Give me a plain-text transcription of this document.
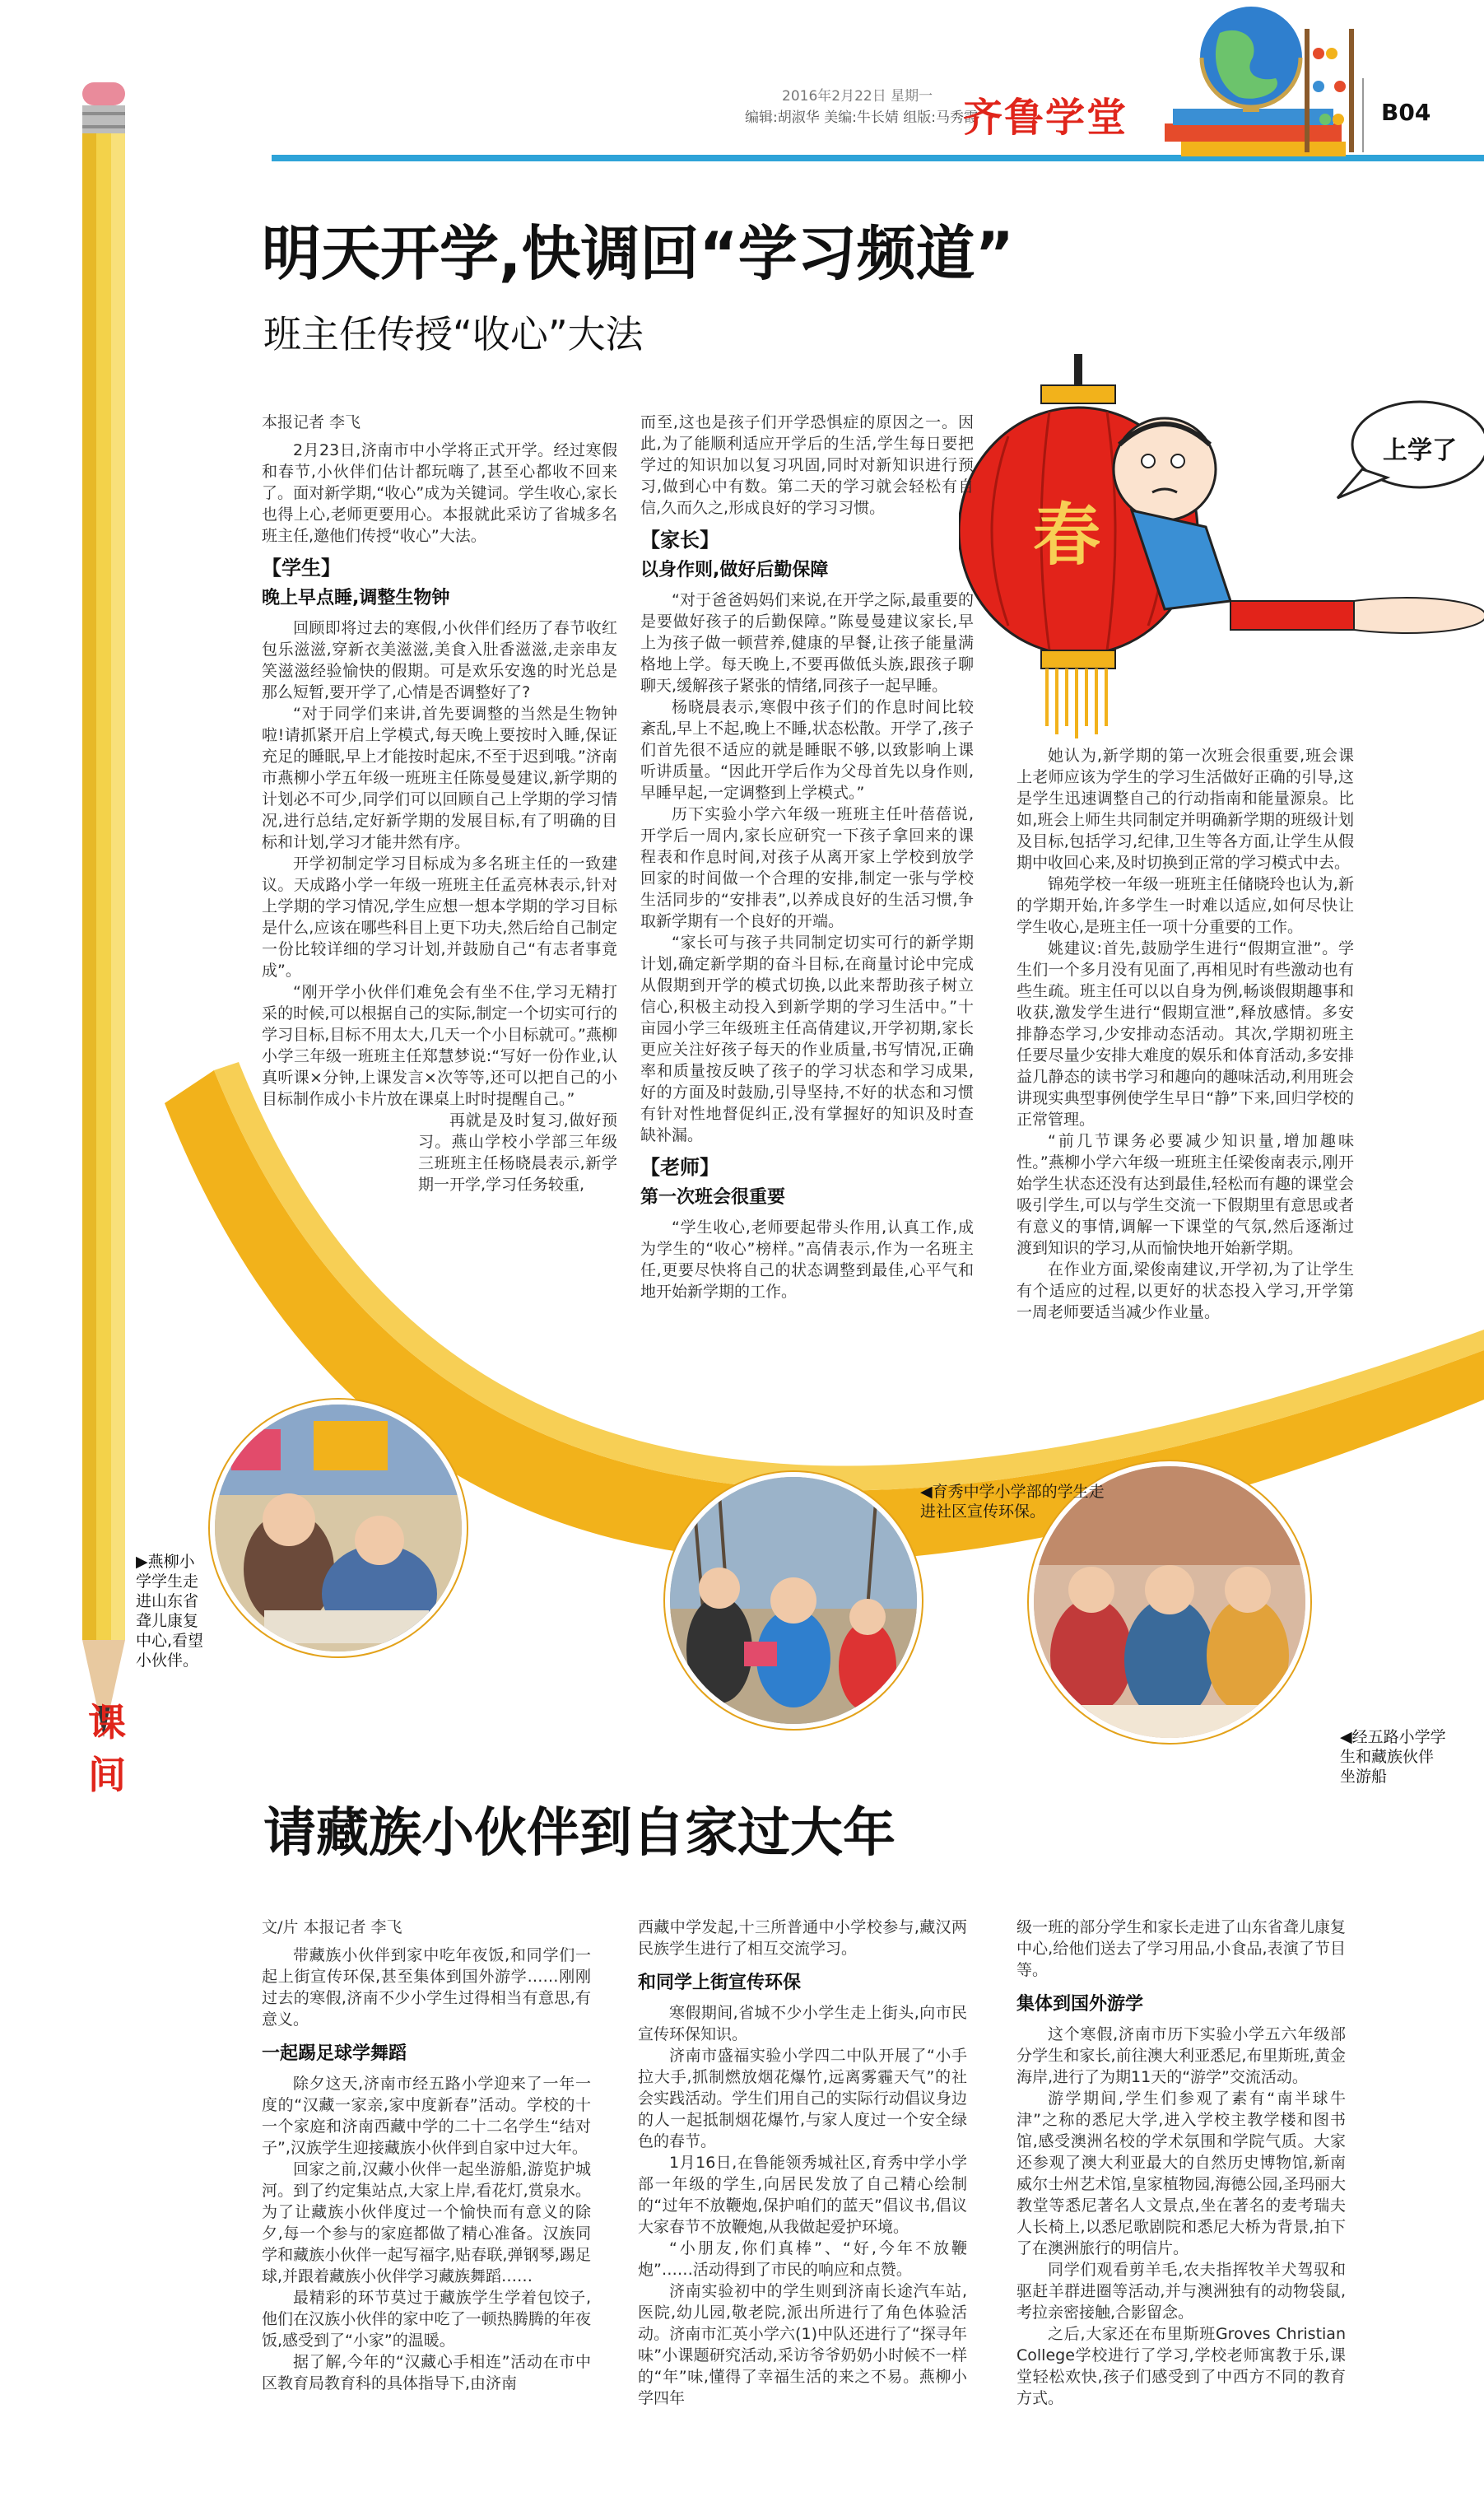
2016年2月22日 星期一
编辑:胡淑华 美编:牛长婧 组版:马秀霞
齐鲁学堂	B04
课间
明天开学,快调回“学习频道”
班主任传授“收心”大法
春
上学了
本报记者 李飞

2月23日,济南市中小学将正式开学。经过寒假和春节,小伙伴们估计都玩嗨了,甚至心都收不回来了。面对新学期,“收心”成为关键词。学生收心,家长也得上心,老师更要用心。本报就此采访了省城多名班主任,邀他们传授“收心”大法。

【学生】
晚上早点睡,调整生物钟

回顾即将过去的寒假,小伙伴们经历了春节收红包乐滋滋,穿新衣美滋滋,美食入肚香滋滋,走亲串友笑滋滋经验愉快的假期。可是欢乐安逸的时光总是那么短暂,要开学了,心情是否调整好了?

“对于同学们来讲,首先要调整的当然是生物钟啦!请抓紧开启上学模式,每天晚上要按时入睡,保证充足的睡眠,早上才能按时起床,不至于迟到哦。”济南市燕柳小学五年级一班班主任陈曼曼建议,新学期的计划必不可少,同学们可以回顾自己上学期的学习情况,进行总结,定好新学期的发展目标,有了明确的目标和计划,学习才能井然有序。

开学初制定学习目标成为多名班主任的一致建议。天成路小学一年级一班班主任孟亮林表示,针对上学期的学习情况,学生应想一想本学期的学习目标是什么,应该在哪些科目上更下功夫,然后给自己制定一份比较详细的学习计划,并鼓励自己“有志者事竟成”。

“刚开学小伙伴们难免会有坐不住,学习无精打采的时候,可以根据自己的实际,制定一个切实可行的学习目标,目标不用太大,几天一个小目标就可。”燕柳小学三年级一班班主任郑慧梦说:“写好一份作业,认真听课×分钟,上课发言×次等等,还可以把自己的小目标制作成小卡片放在课桌上时时提醒自己。”

再就是及时复习,做好预习。燕山学校小学部三年级三班班主任杨晓晨表示,新学期一开学,学习任务较重,

而至,这也是孩子们开学恐惧症的原因之一。因此,为了能顺利适应开学后的生活,学生每日要把学过的知识加以复习巩固,同时对新知识进行预习,做到心中有数。第二天的学习就会轻松有自信,久而久之,形成良好的学习习惯。

【家长】
以身作则,做好后勤保障

“对于爸爸妈妈们来说,在开学之际,最重要的是要做好孩子的后勤保障。”陈曼曼建议家长,早上为孩子做一顿营养,健康的早餐,让孩子能量满格地上学。每天晚上,不要再做低头族,跟孩子聊聊天,缓解孩子紧张的情绪,同孩子一起早睡。

杨晓晨表示,寒假中孩子们的作息时间比较紊乱,早上不起,晚上不睡,状态松散。开学了,孩子们首先很不适应的就是睡眠不够,以致影响上课听讲质量。“因此开学后作为父母首先以身作则,早睡早起,一定调整到上学模式。”

历下实验小学六年级一班班主任叶蓓蓓说,开学后一周内,家长应研究一下孩子拿回来的课程表和作息时间,对孩子从离开家上学校到放学回家的时间做一个合理的安排,制定一张与学校生活同步的“安排表”,以养成良好的生活习惯,争取新学期有一个良好的开端。

“家长可与孩子共同制定切实可行的新学期计划,确定新学期的奋斗目标,在商量讨论中完成从假期到开学的模式切换,以此来帮助孩子树立信心,积极主动投入到新学期的学习生活中。”十亩园小学三年级班主任高倩建议,开学初期,家长更应关注好孩子每天的作业质量,书写情况,正确率和质量按反映了孩子的学习状态和学习成果,好的方面及时鼓励,引导坚持,不好的状态和习惯有针对性地督促纠正,没有掌握好的知识及时查缺补漏。

【老师】
第一次班会很重要

“学生收心,老师要起带头作用,认真工作,成为学生的“收心”榜样。”高倩表示,作为一名班主任,更要尽快将自己的状态调整到最佳,心平气和地开始新学期的工作。

她认为,新学期的第一次班会很重要,班会课上老师应该为学生的学习生活做好正确的引导,这是学生迅速调整自己的行动指南和能量源泉。比如,班会上师生共同制定并明确新学期的班级计划及目标,包括学习,纪律,卫生等各方面,让学生从假期中收回心来,及时切换到正常的学习模式中去。

锦苑学校一年级一班班主任储晓玲也认为,新的学期开始,许多学生一时难以适应,如何尽快让学生收心,是班主任一项十分重要的工作。

姚建议:首先,鼓励学生进行“假期宣泄”。学生们一个多月没有见面了,再相见时有些激动也有些生疏。班主任可以以自身为例,畅谈假期趣事和收获,激发学生进行“假期宣泄”,释放感情。多安排静态学习,少安排动态活动。其次,学期初班主任要尽量少安排大难度的娱乐和体育活动,多安排益几静态的读书学习和趣向的趣味活动,利用班会讲现实典型事例使学生早日“静”下来,回归学校的正常管理。

“前几节课务必要减少知识量,增加趣味性。”燕柳小学六年级一班班主任梁俊南表示,刚开始学生状态还没有达到最佳,轻松而有趣的课堂会吸引学生,可以与学生交流一下假期里有意思或者有意义的事情,调解一下课堂的气氛,然后逐渐过渡到知识的学习,从而愉快地开始新学期。

在作业方面,梁俊南建议,开学初,为了让学生有个适应的过程,以更好的状态投入学习,开学第一周老师要适当减少作业量。

▶燕柳小学学生走进山东省聋儿康复中心,看望小伙伴。
◀育秀中学小学部的学生走进社区宣传环保。
◀经五路小学学生和藏族伙伴坐游船
请藏族小伙伴到自家过大年
文/片 本报记者 李飞

带藏族小伙伴到家中吃年夜饭,和同学们一起上街宣传环保,甚至集体到国外游学……刚刚过去的寒假,济南不少小学生过得相当有意思,有意义。

一起踢足球学舞蹈

除夕这天,济南市经五路小学迎来了一年一度的“汉藏一家亲,家中度新春”活动。学校的十一个家庭和济南西藏中学的二十二名学生“结对子”,汉族学生迎接藏族小伙伴到自家中过大年。

回家之前,汉藏小伙伴一起坐游船,游览护城河。到了约定集站点,大家上岸,看花灯,赏泉水。为了让藏族小伙伴度过一个愉快而有意义的除夕,每一个参与的家庭都做了精心准备。汉族同学和藏族小伙伴一起写福字,贴春联,弹钢琴,踢足球,并跟着藏族小伙伴学习藏族舞蹈……

最精彩的环节莫过于藏族学生学着包饺子,他们在汉族小伙伴的家中吃了一顿热腾腾的年夜饭,感受到了“小家”的温暖。

据了解,今年的“汉藏心手相连”活动在市中区教育局教育科的具体指导下,由济南

西藏中学发起,十三所普通中小学校参与,藏汉两民族学生进行了相互交流学习。

和同学上街宣传环保

寒假期间,省城不少小学生走上街头,向市民宣传环保知识。

济南市盛福实验小学四二中队开展了“小手拉大手,抓制燃放烟花爆竹,远离雾霾天气”的社会实践活动。学生们用自己的实际行动倡议身边的人一起抵制烟花爆竹,与家人度过一个安全绿色的春节。

1月16日,在鲁能领秀城社区,育秀中学小学部一年级的学生,向居民发放了自己精心绘制的“过年不放鞭炮,保护咱们的蓝天”倡议书,倡议大家春节不放鞭炮,从我做起爱护环境。

“小朋友,你们真棒”、“好,今年不放鞭炮”……活动得到了市民的响应和点赞。

济南实验初中的学生则到济南长途汽车站,医院,幼儿园,敬老院,派出所进行了角色体验活动。济南市汇英小学六(1)中队还进行了“探寻年味”小课题研究活动,采访爷爷奶奶小时候不一样的“年”味,懂得了幸福生活的来之不易。燕柳小学四年

级一班的部分学生和家长走进了山东省聋儿康复中心,给他们送去了学习用品,小食品,表演了节目等。

集体到国外游学

这个寒假,济南市历下实验小学五六年级部分学生和家长,前往澳大利亚悉尼,布里斯班,黄金海岸,进行了为期11天的“游学”交流活动。

游学期间,学生们参观了素有“南半球牛津”之称的悉尼大学,进入学校主教学楼和图书馆,感受澳洲名校的学术氛围和学院气质。大家还参观了澳大利亚最大的自然历史博物馆,新南威尔士州艺术馆,皇家植物园,海德公园,圣玛丽大教堂等悉尼著名人文景点,坐在著名的麦考瑞夫人长椅上,以悉尼歌剧院和悉尼大桥为背景,拍下了在澳洲旅行的明信片。

同学们观看剪羊毛,农夫指挥牧羊犬驾驭和驱赶羊群进圈等活动,并与澳洲独有的动物袋鼠,考拉亲密接触,合影留念。

之后,大家还在布里斯班Groves Christian College学校进行了学习,学校老师寓教于乐,课堂轻松欢快,孩子们感受到了中西方不同的教育方式。
